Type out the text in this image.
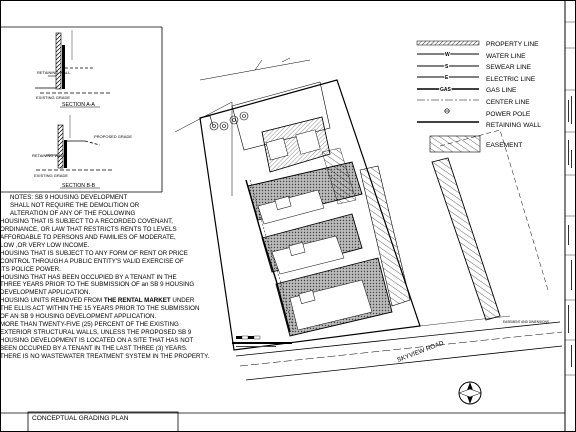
RETAINING WALL
EXISTING GRADE
SECTION A-A
PROPOSED GRADE
RETAINING WALL
EXISTING GRADE
SECTION B-B
SKYVIEW ROAD
EASEMENT AND DIMENSIONS
W
S
E
GAS
PROPERTY LINE
WATER LINE
SEWEAR LINE
ELECTRIC LINE
GAS LINE
CENTER LINE
POWER POLE
RETAINING WALL
EASEMENT
NOTES: SB 9 HOUSING DEVELOPMENT
SHALL NOT REQUIRE THE DEMOLITION OR
ALTERATION OF ANY OF THE FOLLOWING
HOUSING THAT IS SUBJECT TO A RECORDED COVENANT,
ORDINANCE, OR LAW THAT RESTRICTS RENTS TO LEVELS
AFFORDABLE TO PERSONS AND FAMILIES OF MODERATE,
LOW ,OR VERY LOW INCOME.
HOUSING THAT IS SUBJECT TO ANY FORM OF RENT OR PRICE
CONTROL THROUGH A PUBLIC ENTITY'S VALID EXERCISE OF
ITS POLICE POWER.
HOUSING THAT HAS BEEN OCCUPIED BY A TENANT IN THE
THREE YEARS PRIOR TO THE SUBMISSION OF an SB 9 HOUSING
DEVELOPMENT APPLICATION.
HOUSING UNITS REMOVED FROM THE RENTAL MARKET UNDER
THE ELLIS ACT WITHIN THE 15 YEARS PRIOR TO THE SUBMISSION
OF AN SB 9 HOUSING DEVELOPMENT APPLICATION.
MORE THAN TWENTY-FIVE (25) PERCENT OF THE EXISTING
EXTERIOR STRUCTURAL WALLS, UNLESS THE PROPOSED SB 9
HOUSING DEVELOPMENT IS LOCATED ON A SITE THAT HAS NOT
BEEN OCCUPIED BY A TENANT IN THE LAST THREE (3) YEARS.
THERE IS NO WASTEWATER TREATMENT SYSTEM IN THE PROPERTY.
CONCEPTUAL GRADING PLAN
